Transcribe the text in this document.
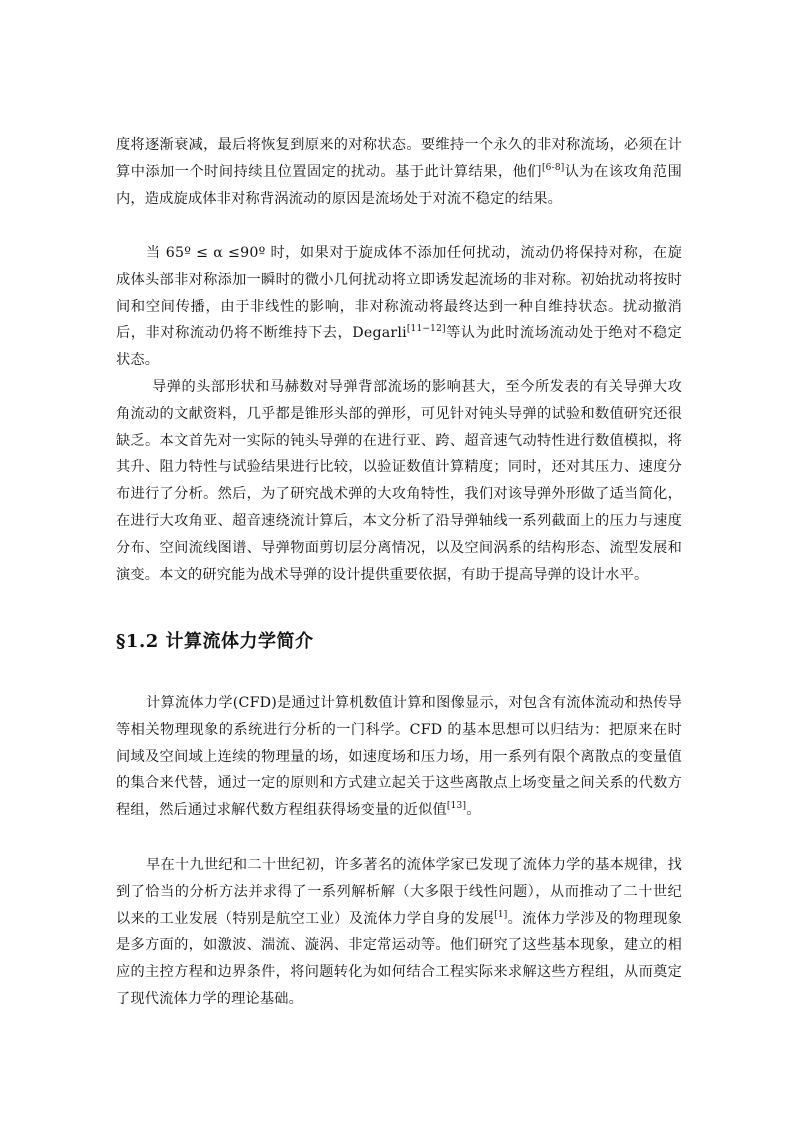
度将逐渐衰减，最后将恢复到原来的对称状态。要维持一个永久的非对称流场，必须在计算中添加一个时间持续且位置固定的扰动。基于此计算结果，他们[6-8]认为在该攻角范围内，造成旋成体非对称背涡流动的原因是流场处于对流不稳定的结果。

当 65º ≤ α ≤90º 时，如果对于旋成体不添加任何扰动，流动仍将保持对称，在旋成体头部非对称添加一瞬时的微小几何扰动将立即诱发起流场的非对称。初始扰动将按时间和空间传播，由于非线性的影响，非对称流动将最终达到一种自维持状态。扰动撤消后，非对称流动仍将不断维持下去，Degarli[11−12]等认为此时流场流动处于绝对不稳定状态。

导弹的头部形状和马赫数对导弹背部流场的影响甚大，至今所发表的有关导弹大攻角流动的文献资料，几乎都是锥形头部的弹形，可见针对钝头导弹的试验和数值研究还很缺乏。本文首先对一实际的钝头导弹的在进行亚、跨、超音速气动特性进行数值模拟，将其升、阻力特性与试验结果进行比较，以验证数值计算精度；同时，还对其压力、速度分布进行了分析。然后，为了研究战术弹的大攻角特性，我们对该导弹外形做了适当简化，在进行大攻角亚、超音速绕流计算后，本文分析了沿导弹轴线一系列截面上的压力与速度分布、空间流线图谱、导弹物面剪切层分离情况，以及空间涡系的结构形态、流型发展和演变。本文的研究能为战术导弹的设计提供重要依据，有助于提高导弹的设计水平。

§1.2 计算流体力学简介

计算流体力学(CFD)是通过计算机数值计算和图像显示，对包含有流体流动和热传导等相关物理现象的系统进行分析的一门科学。CFD 的基本思想可以归结为：把原来在时间域及空间域上连续的物理量的场，如速度场和压力场，用一系列有限个离散点的变量值的集合来代替，通过一定的原则和方式建立起关于这些离散点上场变量之间关系的代数方程组，然后通过求解代数方程组获得场变量的近似值[13]。

早在十九世纪和二十世纪初，许多著名的流体学家已发现了流体力学的基本规律，找到了恰当的分析方法并求得了一系列解析解（大多限于线性问题），从而推动了二十世纪以来的工业发展（特别是航空工业）及流体力学自身的发展[1]。流体力学涉及的物理现象是多方面的，如激波、湍流、漩涡、非定常运动等。他们研究了这些基本现象，建立的相应的主控方程和边界条件，将问题转化为如何结合工程实际来求解这些方程组，从而奠定了现代流体力学的理论基础。
